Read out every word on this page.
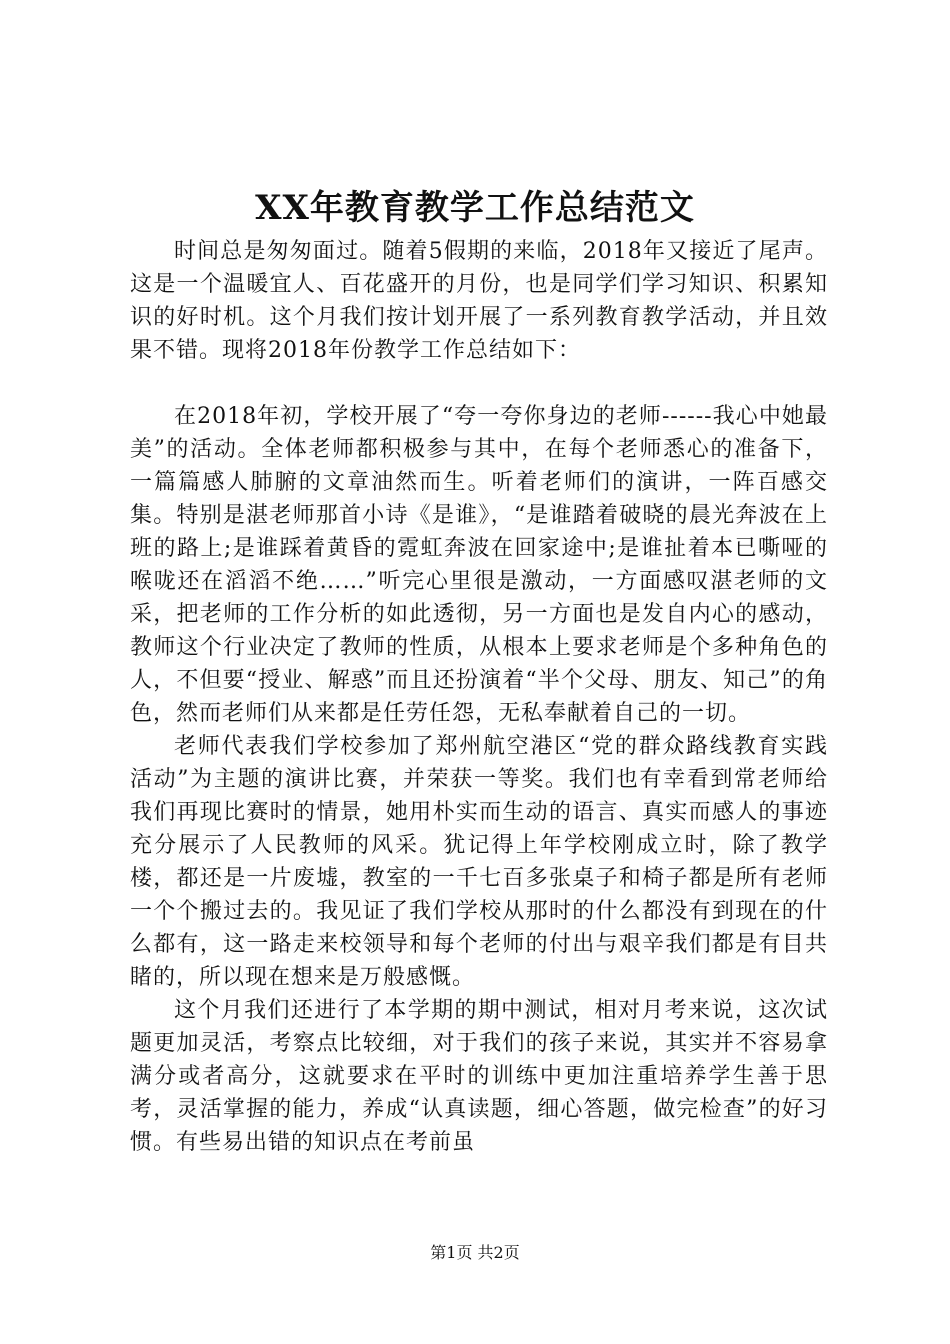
XX年教育教学工作总结范文

时间总是匆匆面过。随着5假期的来临，2018年又接近了尾声。这是一个温暖宜人、百花盛开的月份，也是同学们学习知识、积累知识的好时机。这个月我们按计划开展了一系列教育教学活动，并且效果不错。现将2018年份教学工作总结如下：

在2018年初，学校开展了“夸一夸你身边的老师------我心中她最美”的活动。全体老师都积极参与其中，在每个老师悉心的准备下，一篇篇感人肺腑的文章油然而生。听着老师们的演讲，一阵百感交集。特别是湛老师那首小诗《是谁》，“是谁踏着破晓的晨光奔波在上班的路上;是谁踩着黄昏的霓虹奔波在回家途中;是谁扯着本已嘶哑的喉咙还在滔滔不绝……”听完心里很是激动，一方面感叹湛老师的文采，把老师的工作分析的如此透彻，另一方面也是发自内心的感动，教师这个行业决定了教师的性质，从根本上要求老师是个多种角色的人，不但要“授业、解惑”而且还扮演着“半个父母、朋友、知己”的角色，然而老师们从来都是任劳任怨，无私奉献着自己的一切。

老师代表我们学校参加了郑州航空港区“党的群众路线教育实践活动”为主题的演讲比赛，并荣获一等奖。我们也有幸看到常老师给我们再现比赛时的情景，她用朴实而生动的语言、真实而感人的事迹充分展示了人民教师的风采。犹记得上年学校刚成立时，除了教学楼，都还是一片废墟，教室的一千七百多张桌子和椅子都是所有老师一个个搬过去的。我见证了我们学校从那时的什么都没有到现在的什么都有，这一路走来校领导和每个老师的付出与艰辛我们都是有目共睹的，所以现在想来是万般感慨。

这个月我们还进行了本学期的期中测试，相对月考来说，这次试题更加灵活，考察点比较细，对于我们的孩子来说，其实并不容易拿满分或者高分，这就要求在平时的训练中更加注重培养学生善于思考，灵活掌握的能力，养成“认真读题，细心答题，做完检查”的好习惯。有些易出错的知识点在考前虽

第1页 共2页
